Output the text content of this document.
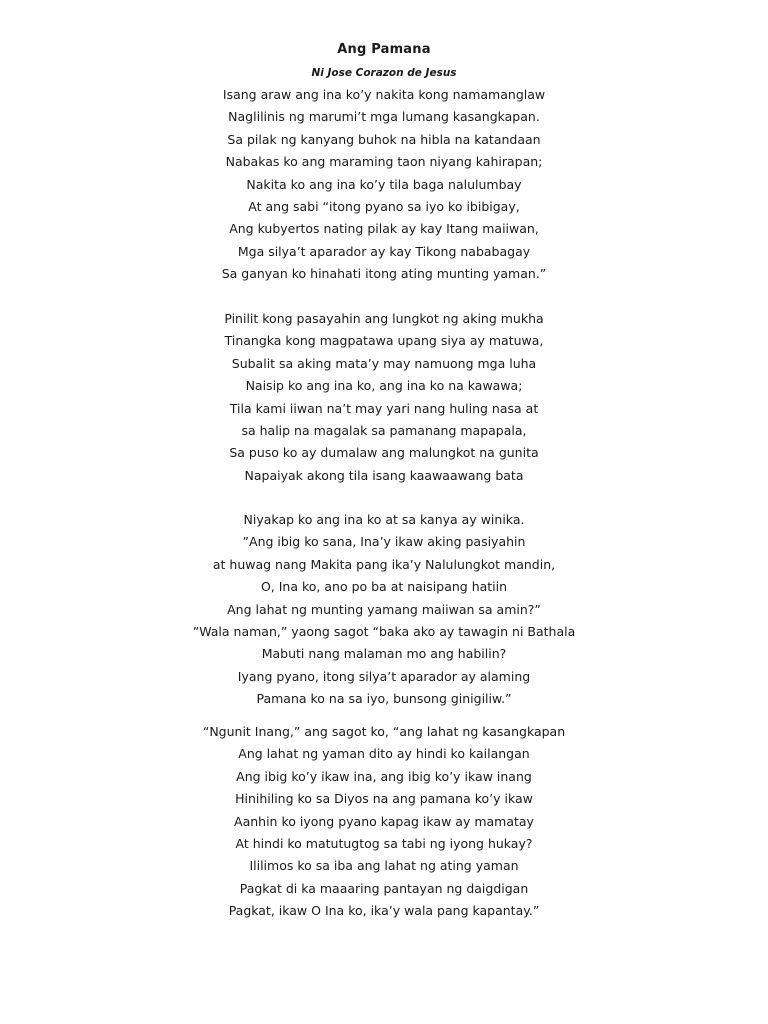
Ang Pamana
Ni Jose Corazon de Jesus
Isang araw ang ina ko’y nakita kong namamanglaw
Naglilinis ng marumi’t mga lumang kasangkapan.
Sa pilak ng kanyang buhok na hibla na katandaan
Nabakas ko ang maraming taon niyang kahirapan;
Nakita ko ang ina ko’y tila baga nalulumbay
At ang sabi “itong pyano sa iyo ko ibibigay,
Ang kubyertos nating pilak ay kay Itang maiiwan,
Mga silya’t aparador ay kay Tikong nababagay
Sa ganyan ko hinahati itong ating munting yaman.”
Pinilit kong pasayahin ang lungkot ng aking mukha
Tinangka kong magpatawa upang siya ay matuwa,
Subalit sa aking mata’y may namuong mga luha
Naisip ko ang ina ko, ang ina ko na kawawa;
Tila kami iiwan na’t may yari nang huling nasa at
sa halip na magalak sa pamanang mapapala,
Sa puso ko ay dumalaw ang malungkot na gunita
Napaiyak akong tila isang kaawaawang bata
Niyakap ko ang ina ko at sa kanya ay winika.
”Ang ibig ko sana, Ina’y ikaw aking pasiyahin
at huwag nang Makita pang ika’y Nalulungkot mandin,
O, Ina ko, ano po ba at naisipang hatiin
Ang lahat ng munting yamang maiiwan sa amin?”
”Wala naman,” yaong sagot “baka ako ay tawagin ni Bathala
Mabuti nang malaman mo ang habilin?
Iyang pyano, itong silya’t aparador ay alaming
Pamana ko na sa iyo, bunsong ginigiliw.”
“Ngunit Inang,” ang sagot ko, “ang lahat ng kasangkapan
Ang lahat ng yaman dito ay hindi ko kailangan
Ang ibig ko’y ikaw ina, ang ibig ko’y ikaw inang
Hinihiling ko sa Diyos na ang pamana ko’y ikaw
Aanhin ko iyong pyano kapag ikaw ay mamatay
At hindi ko matutugtog sa tabi ng iyong hukay?
Ililimos ko sa iba ang lahat ng ating yaman
Pagkat di ka maaaring pantayan ng daigdigan
Pagkat, ikaw O Ina ko, ika’y wala pang kapantay.”
